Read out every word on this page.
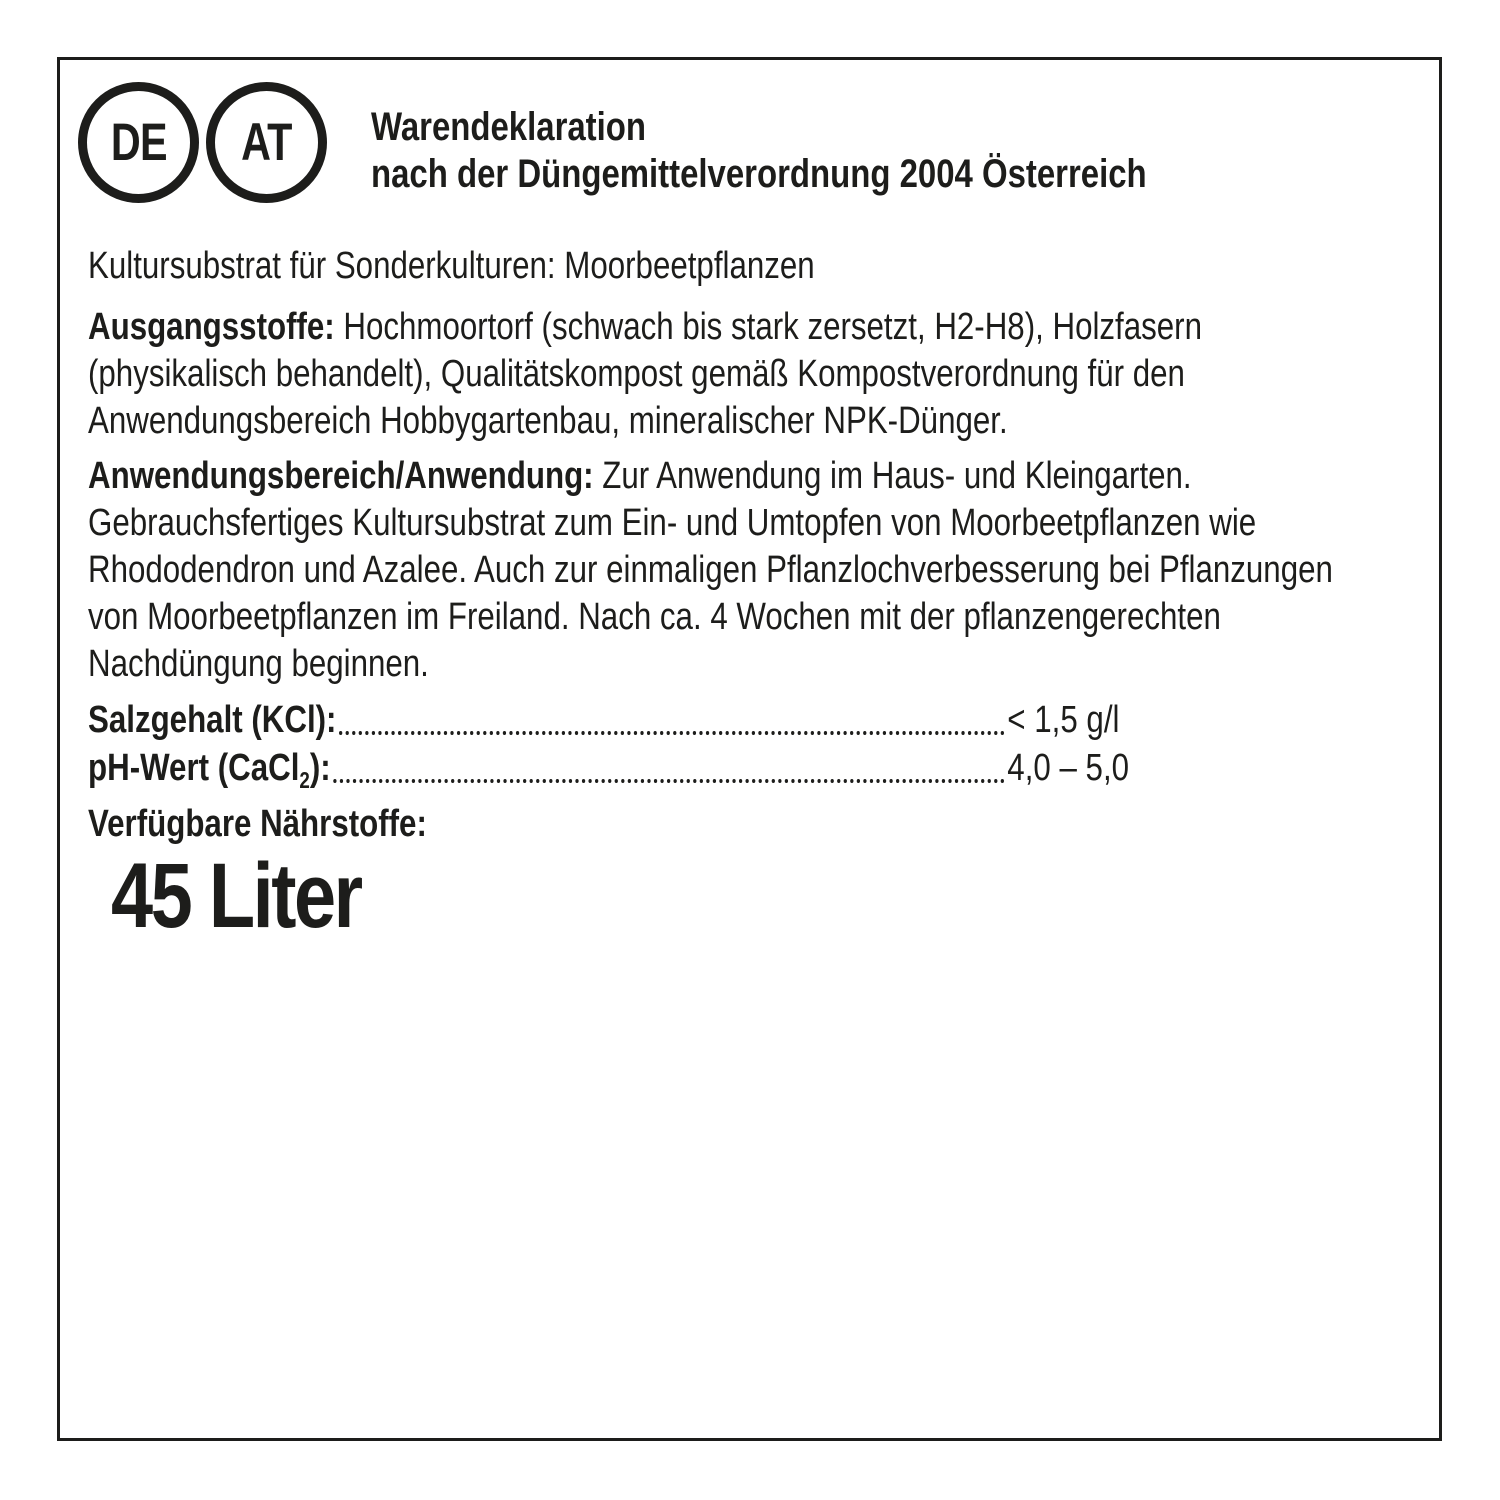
DE AT Warendeklaration
nach der Düngemittelverordnung 2004 Österreich
Kultursubstrat für Sonderkulturen: Moorbeetpflanzen
Ausgangsstoffe: Hochmoortorf (schwach bis stark zersetzt, H2-H8), Holzfasern
(physikalisch behandelt), Qualitätskompost gemäß Kompostverordnung für den
Anwendungsbereich Hobbygartenbau, mineralischer NPK-Dünger.
Anwendungsbereich/Anwendung: Zur Anwendung im Haus- und Kleingarten.
Gebrauchsfertiges Kultursubstrat zum Ein- und Umtopfen von Moorbeetpflanzen wie
Rhododendron und Azalee. Auch zur einmaligen Pflanzlochverbesserung bei Pflanzungen
von Moorbeetpflanzen im Freiland. Nach ca. 4 Wochen mit der pflanzengerechten
Nachdüngung beginnen.
Salzgehalt (KCl):	< 1,5 g/l
pH-Wert (CaCl$_2$):	4,0 – 5,0
Verfügbare Nährstoffe:
45 Liter
